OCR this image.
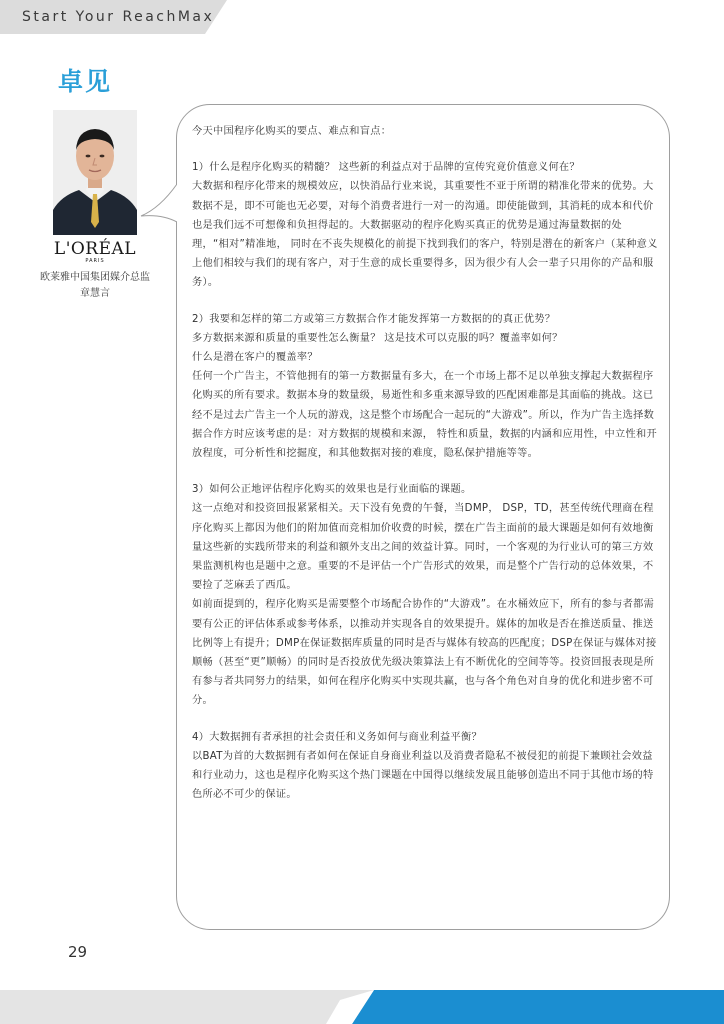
Start Your ReachMax
卓见
L'ORÉAL
PARIS
欧莱雅中国集团媒介总监
章慧言

今天中国程序化购买的要点、难点和盲点：

1）什么是程序化购买的精髓？ 这些新的利益点对于品牌的宣传究竟价值意义何在？

大数据和程序化带来的规模效应，以快消品行业来说，其重要性不亚于所谓的精准化带来的优势。大数据不是，即不可能也无必要，对每个消费者进行一对一的沟通。即使能做到，其消耗的成本和代价也是我们远不可想像和负担得起的。大数据驱动的程序化购买真正的优势是通过海量数据的处理，“相对”精准地， 同时在不丧失规模化的前提下找到我们的客户，特别是潜在的新客户（某种意义上他们相较与我们的现有客户，对于生意的成长重要得多，因为很少有人会一辈子只用你的产品和服务）。

2）我要和怎样的第二方或第三方数据合作才能发挥第一方数据的的真正优势？

多方数据来源和质量的重要性怎么衡量？ 这是技术可以克服的吗？覆盖率如何？

什么是潜在客户的覆盖率？

任何一个广告主，不管他拥有的第一方数据量有多大，在一个市场上都不足以单独支撑起大数据程序化购买的所有要求。数据本身的数量级，易逝性和多重来源导致的匹配困难都是其面临的挑战。这已经不是过去广告主一个人玩的游戏，这是整个市场配合一起玩的“大游戏”。所以，作为广告主选择数据合作方时应该考虑的是：对方数据的规模和来源， 特性和质量，数据的内涵和应用性，中立性和开放程度，可分析性和挖掘度，和其他数据对接的难度，隐私保护措施等等。

3）如何公正地评估程序化购买的效果也是行业面临的课题。

这一点绝对和投资回报紧紧相关。天下没有免费的午餐，当DMP， DSP，TD，甚至传统代理商在程序化购买上都因为他们的附加值而竞相加价收费的时候，摆在广告主面前的最大课题是如何有效地衡量这些新的实践所带来的利益和额外支出之间的效益计算。同时，一个客观的为行业认可的第三方效果监测机构也是题中之意。重要的不是评估一个广告形式的效果，而是整个广告行动的总体效果，不要捡了芝麻丢了西瓜。

如前面提到的，程序化购买是需要整个市场配合协作的“大游戏”。在水桶效应下，所有的参与者都需要有公正的评估体系或参考体系，以推动并实现各自的效果提升。媒体的加收是否在推送质量、推送比例等上有提升；DMP在保证数据库质量的同时是否与媒体有较高的匹配度；DSP在保证与媒体对接顺畅（甚至“更”顺畅）的同时是否投放优先级决策算法上有不断优化的空间等等。投资回报表现是所有参与者共同努力的结果，如何在程序化购买中实现共赢，也与各个角色对自身的优化和进步密不可分。

4）大数据拥有者承担的社会责任和义务如何与商业利益平衡？

以BAT为首的大数据拥有者如何在保证自身商业利益以及消费者隐私不被侵犯的前提下兼顾社会效益和行业动力，这也是程序化购买这个热门课题在中国得以继续发展且能够创造出不同于其他市场的特色所必不可少的保证。

29
